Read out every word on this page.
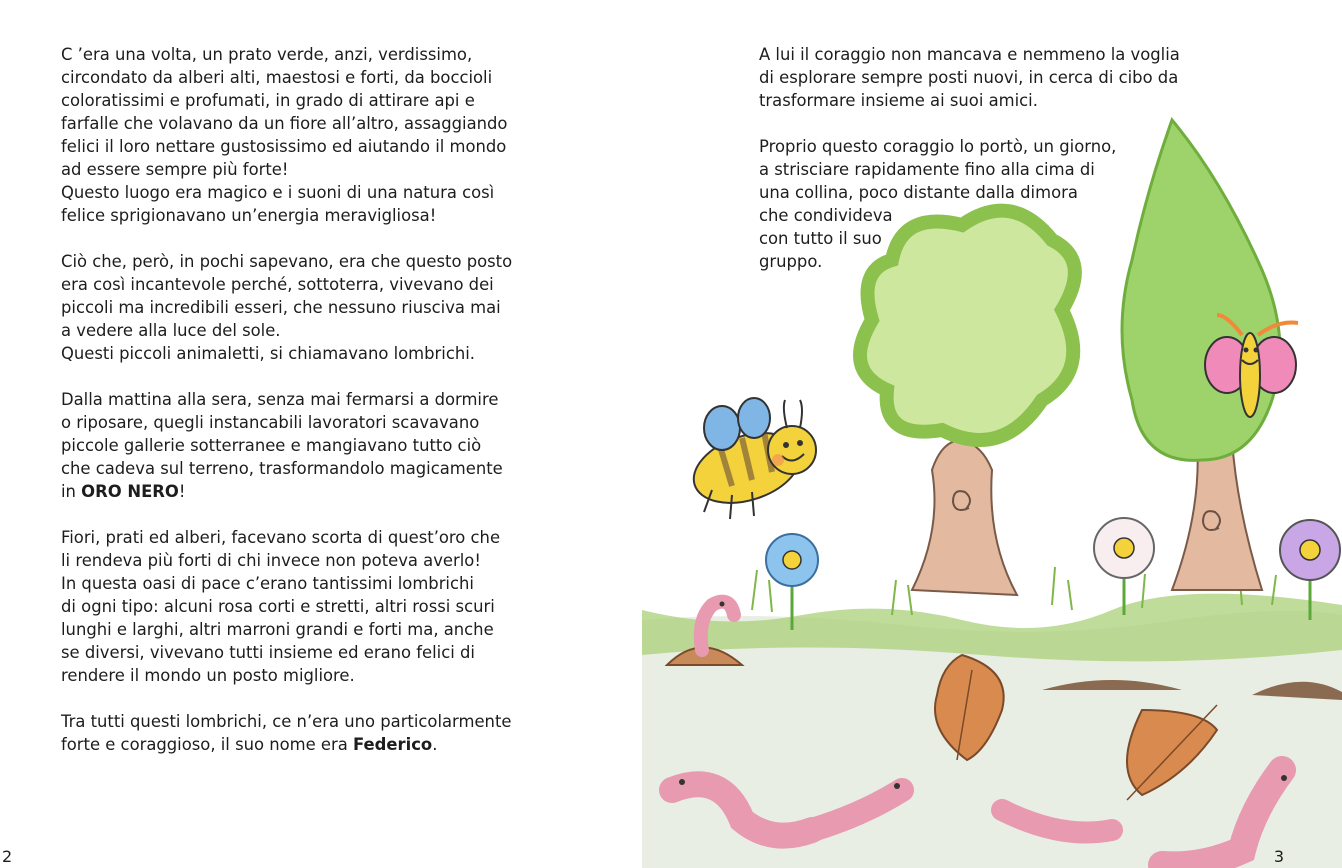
C ’era una volta, un prato verde, anzi, verdissimo,
circondato da alberi alti, maestosi e forti, da boccioli
coloratissimi e profumati, in grado di attirare api e
farfalle che volavano da un fiore all’altro, assaggiando
felici il loro nettare gustosissimo ed aiutando il mondo
ad essere sempre più forte!
Questo luogo era magico e i suoni di una natura così
felice sprigionavano un’energia meravigliosa!

Ciò che, però, in pochi sapevano, era che questo posto
era così incantevole perché, sottoterra, vivevano dei
piccoli ma incredibili esseri, che nessuno riusciva mai
a vedere alla luce del sole.
Questi piccoli animaletti, si chiamavano lombrichi.

Dalla mattina alla sera, senza mai fermarsi a dormire
o riposare, quegli instancabili lavoratori scavavano
piccole gallerie sotterranee e mangiavano tutto ciò
che cadeva sul terreno, trasformandolo magicamente
in ORO NERO!

Fiori, prati ed alberi, facevano scorta di quest’oro che
li rendeva più forti di chi invece non poteva averlo!
In questa oasi di pace c’erano tantissimi lombrichi
di ogni tipo: alcuni rosa corti e stretti, altri rossi scuri
lunghi e larghi, altri marroni grandi e forti ma, anche
se diversi, vivevano tutti insieme ed erano felici di
rendere il mondo un posto migliore.

Tra tutti questi lombrichi, ce n’era uno particolarmente
forte e coraggioso, il suo nome era Federico.

2

A lui il coraggio non mancava e nemmeno la voglia
di esplorare sempre posti nuovi, in cerca di cibo da
trasformare insieme ai suoi amici.

Proprio questo coraggio lo portò, un giorno,
a strisciare rapidamente fino alla cima di
una collina, poco distante dalla dimora
che condivideva
con tutto il suo
gruppo.

3
